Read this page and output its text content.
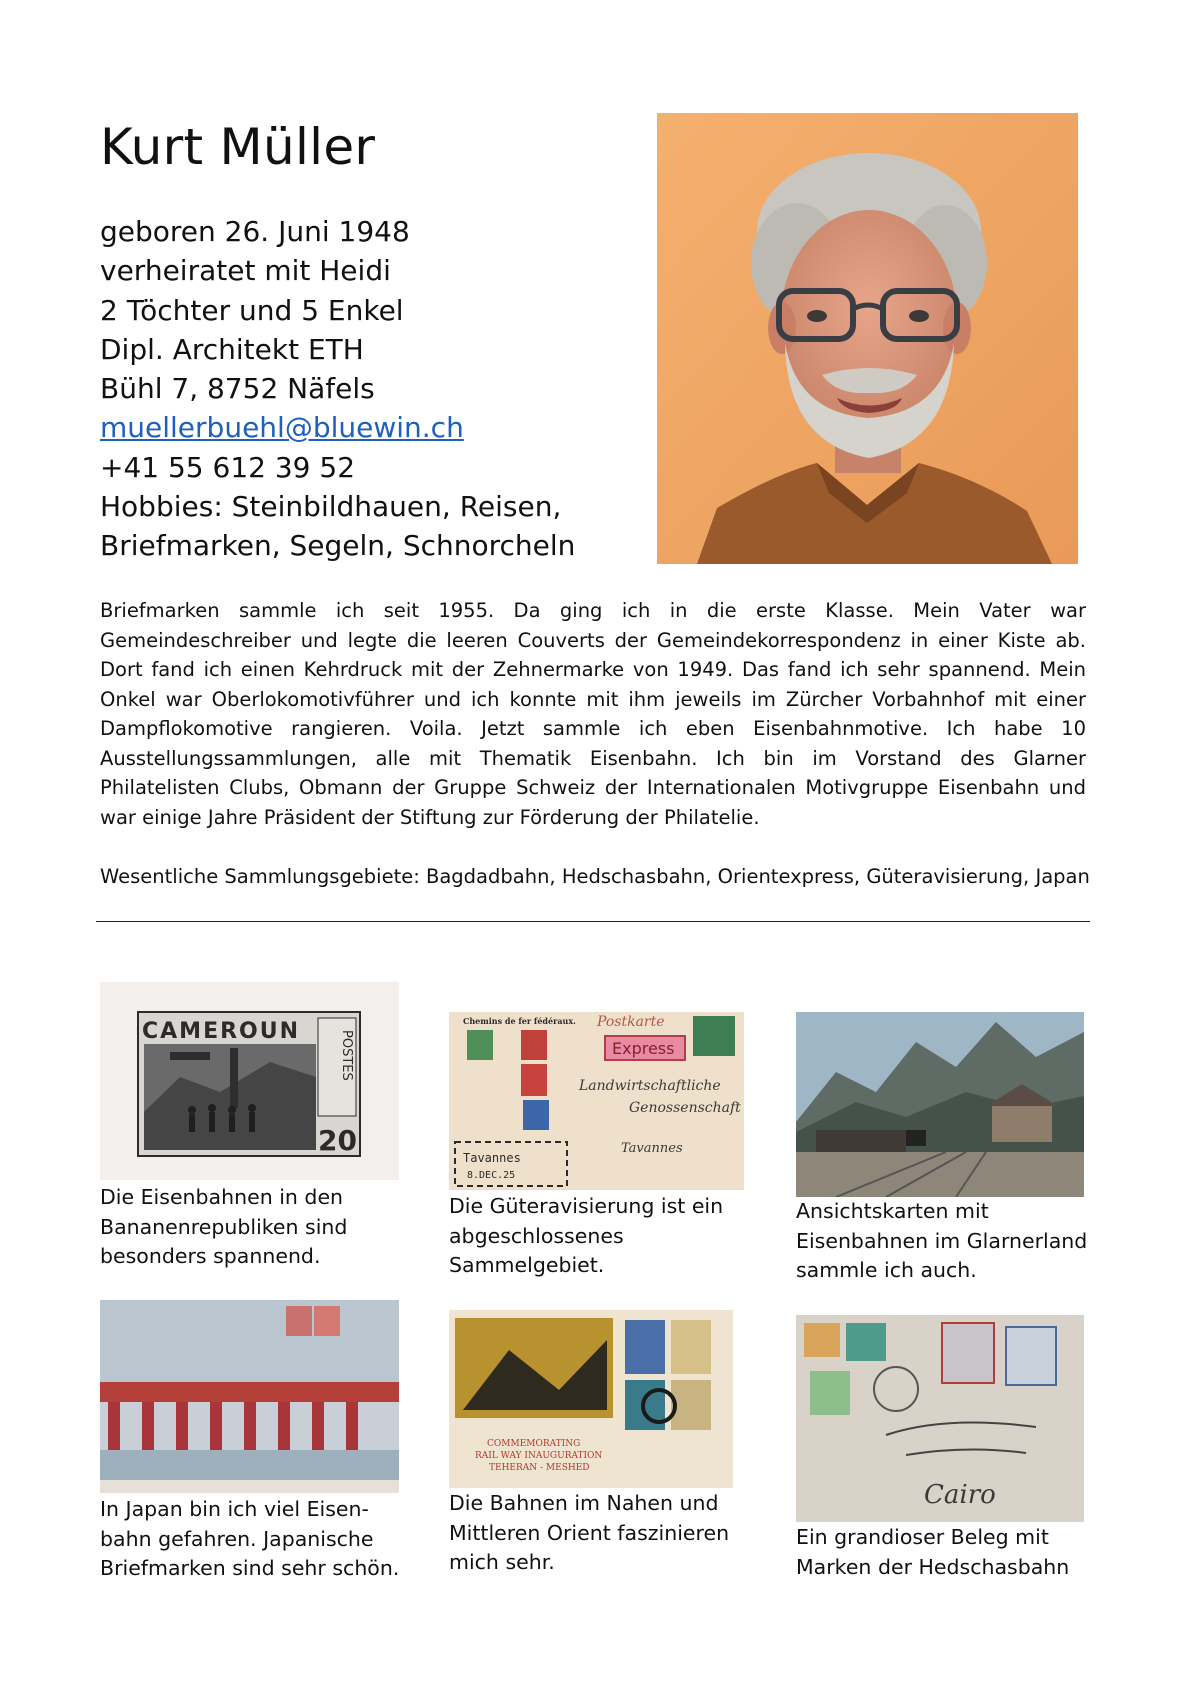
Kurt Müller
geboren 26. Juni 1948
verheiratet mit Heidi
2 Töchter und 5 Enkel
Dipl. Architekt ETH
Bühl 7, 8752 Näfels
muellerbuehl@bluewin.ch
+41 55 612 39 52
Hobbies: Steinbildhauen, Reisen,
Briefmarken, Segeln, Schnorcheln

Briefmarken sammle ich seit 1955. Da ging ich in die erste Klasse. Mein Vater war Gemeindeschreiber und legte die leeren Couverts der Gemeindekorrespondenz in einer Kiste ab. Dort fand ich einen Kehrdruck mit der Zehnermarke von 1949. Das fand ich sehr spannend. Mein Onkel war Oberlokomotivführer und ich konnte mit ihm jeweils im Zürcher Vorbahnhof mit einer Dampflokomotive rangieren. Voila. Jetzt sammle ich eben Eisenbahnmotive. Ich habe 10 Ausstellungssammlungen, alle mit Thematik Eisenbahn. Ich bin im Vorstand des Glarner Philatelisten Clubs, Obmann der Gruppe Schweiz der Internationalen Motivgruppe Eisenbahn und war einige Jahre Präsident der Stiftung zur Förderung der Philatelie.

Wesentliche Sammlungsgebiete: Bagdadbahn, Hedschasbahn, Orientexpress, Güteravisierung, Japan

CAMEROUN	POSTES
20

Die Eisenbahnen in den
Bananenrepubliken sind
besonders spannend.

Chemins de fer fédéraux. Postkarte
Express
Landwirtschaftliche
Genossenschaft
Tavannes
Tavannes
8.DEC.25

Die Güteravisierung ist ein
abgeschlossenes
Sammelgebiet.

Ansichtskarten mit
Eisenbahnen im Glarnerland
sammle ich auch.

In Japan bin ich viel Eisen-
bahn gefahren. Japanische
Briefmarken sind sehr schön.

COMMEMORATING
RAIL WAY INAUGURATION
TEHERAN - MESHED

Die Bahnen im Nahen und
Mittleren Orient faszinieren
mich sehr.

Cairo

Ein grandioser Beleg mit
Marken der Hedschasbahn
